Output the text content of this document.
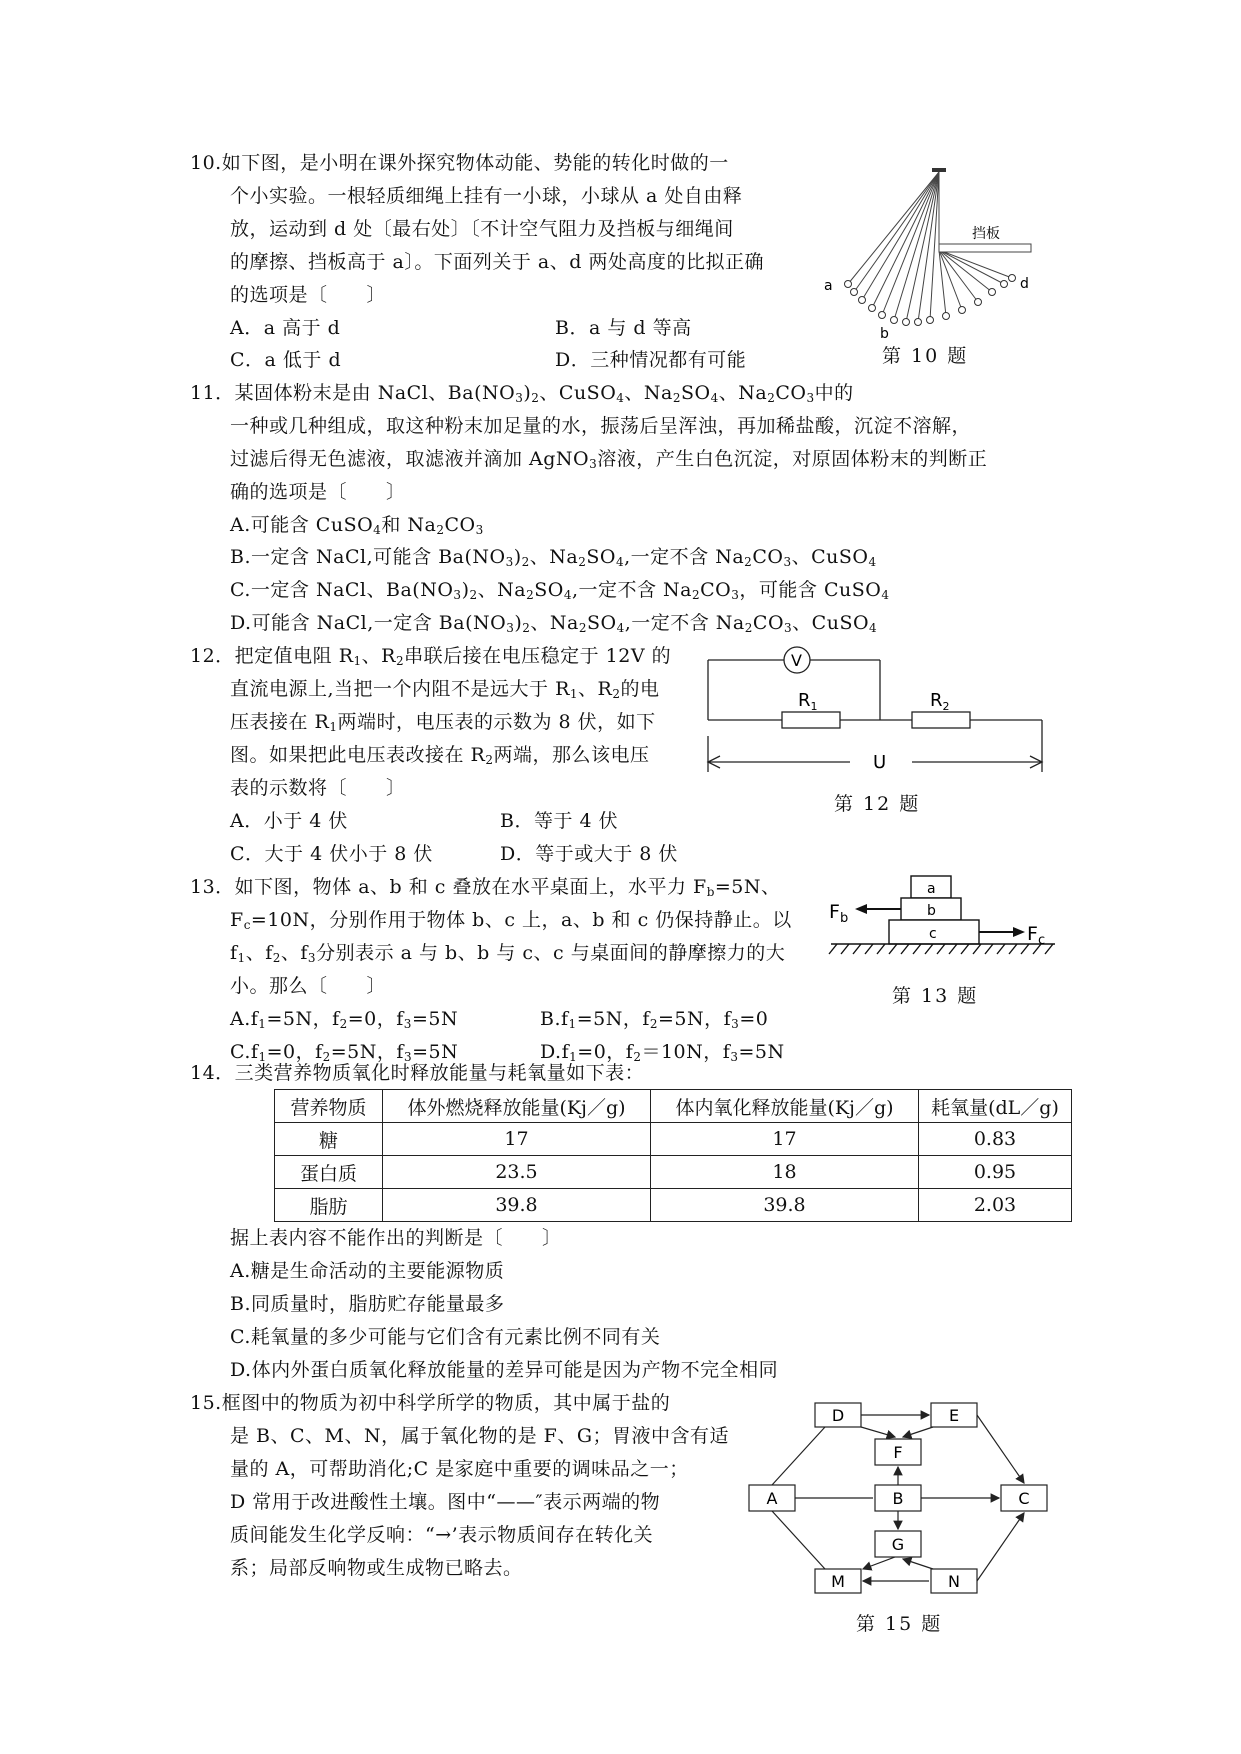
10.如下图，是小明在课外探究物体动能、势能的转化时做的一
个小实验。一根轻质细绳上挂有一小球，小球从 a 处自由释
放，运动到 d 处〔最右处〕〔不计空气阻力及挡板与细绳间
的摩擦、挡板高于 a〕。下面列关于 a、d 两处高度的比拟正确
的选项是〔　　〕
A．a 高于 d	B．a 与 d 等高
C．a 低于 d	D．三种情况都有可能
挡板
a
b
d
第 10 题
11．某固体粉末是由 NaCl、$Ba(NO_3)_2$、CuSO$_4$、$Na_2SO_4$、$Na_2CO_3$中的
一种或几种组成，取这种粉末加足量的水，振荡后呈浑浊，再加稀盐酸，沉淀不溶解，
过滤后得无色滤液，取滤液并滴加 AgNO$_3$溶液，产生白色沉淀，对原固体粉末的判断正
确的选项是〔　　〕
A.可能含 CuSO$_4$和 $Na_2CO_3$
B.一定含 NaCl,可能含 $Ba(NO_3)_2$、$Na_2SO_4$,一定不含 $Na_2CO_3$、CuSO$_4$
C.一定含 NaCl、$Ba(NO_3)_2$、$Na_2SO_4$,一定不含 $Na_2CO_3$，可能含 CuSO$_4$
D.可能含 NaCl,一定含 $Ba(NO_3)_2$、$Na_2SO_4$,一定不含 $Na_2CO_3$、CuSO$_4$
12．把定值电阻 $R_1$、$R_2$串联后接在电压稳定于 12V 的
直流电源上,当把一个内阻不是远大于 $R_1$、$R_2$的电
压表接在 $R_1$两端时，电压表的示数为 8 伏，如下
图。如果把此电压表改接在 $R_2$两端，那么该电压
表的示数将〔　　〕
A．小于 4 伏	B．等于 4 伏
C．大于 4 伏小于 8 伏	D．等于或大于 8 伏
V
$R_1$	$R_2$
U
第 12 题
13．如下图，物体 a、b 和 c 叠放在水平桌面上，水平力 $F_b=5N$、
$F_c=10N$，分别作用于物体 b、c 上，a、b 和 c 仍保持静止。以
$f_1$、$f_2$、$f_3$分别表示 a 与 b、b 与 c、c 与桌面间的静摩擦力的大
小。那么〔　　〕
$A.f_1=5N$，$f_2=0$，$f_3=5N$	$B.f_1=5N$，$f_2=5N$，$f_3=0$
$C.f_1=0$，$f_2=5N$，$f_3=5N$	$D.f_1=0$，$f_2=10N$，$f_3=5N$
a
b
c
$F_b$
$F_c$
第 13 题
14．三类营养物质氧化时释放能量与耗氧量如下表：
营养物质	体外燃烧释放能量(Kj／g)	体内氧化释放能量(Kj／g)	耗氧量(dL／g)
糖	17	17	0.83
蛋白质	23.5	18	0.95
脂肪	39.8	39.8	2.03
据上表内容不能作出的判断是〔　　〕
A.糖是生命活动的主要能源物质
B.同质量时，脂肪贮存能量最多
C.耗氧量的多少可能与它们含有元素比例不同有关
D.体内外蛋白质氧化释放能量的差异可能是因为产物不完全相同
15.框图中的物质为初中科学所学的物质，其中属于盐的
是 B、C、M、N，属于氧化物的是 F、G；胃液中含有适
量的 A，可帮助消化;C 是家庭中重要的调味品之一；
D 常用于改进酸性土壤。图中“——″表示两端的物
质间能发生化学反响：“→’表示物质间存在转化关
系；局部反响物或生成物已略去。
D	E
F
A	B	C
G
M	N
第 15 题
